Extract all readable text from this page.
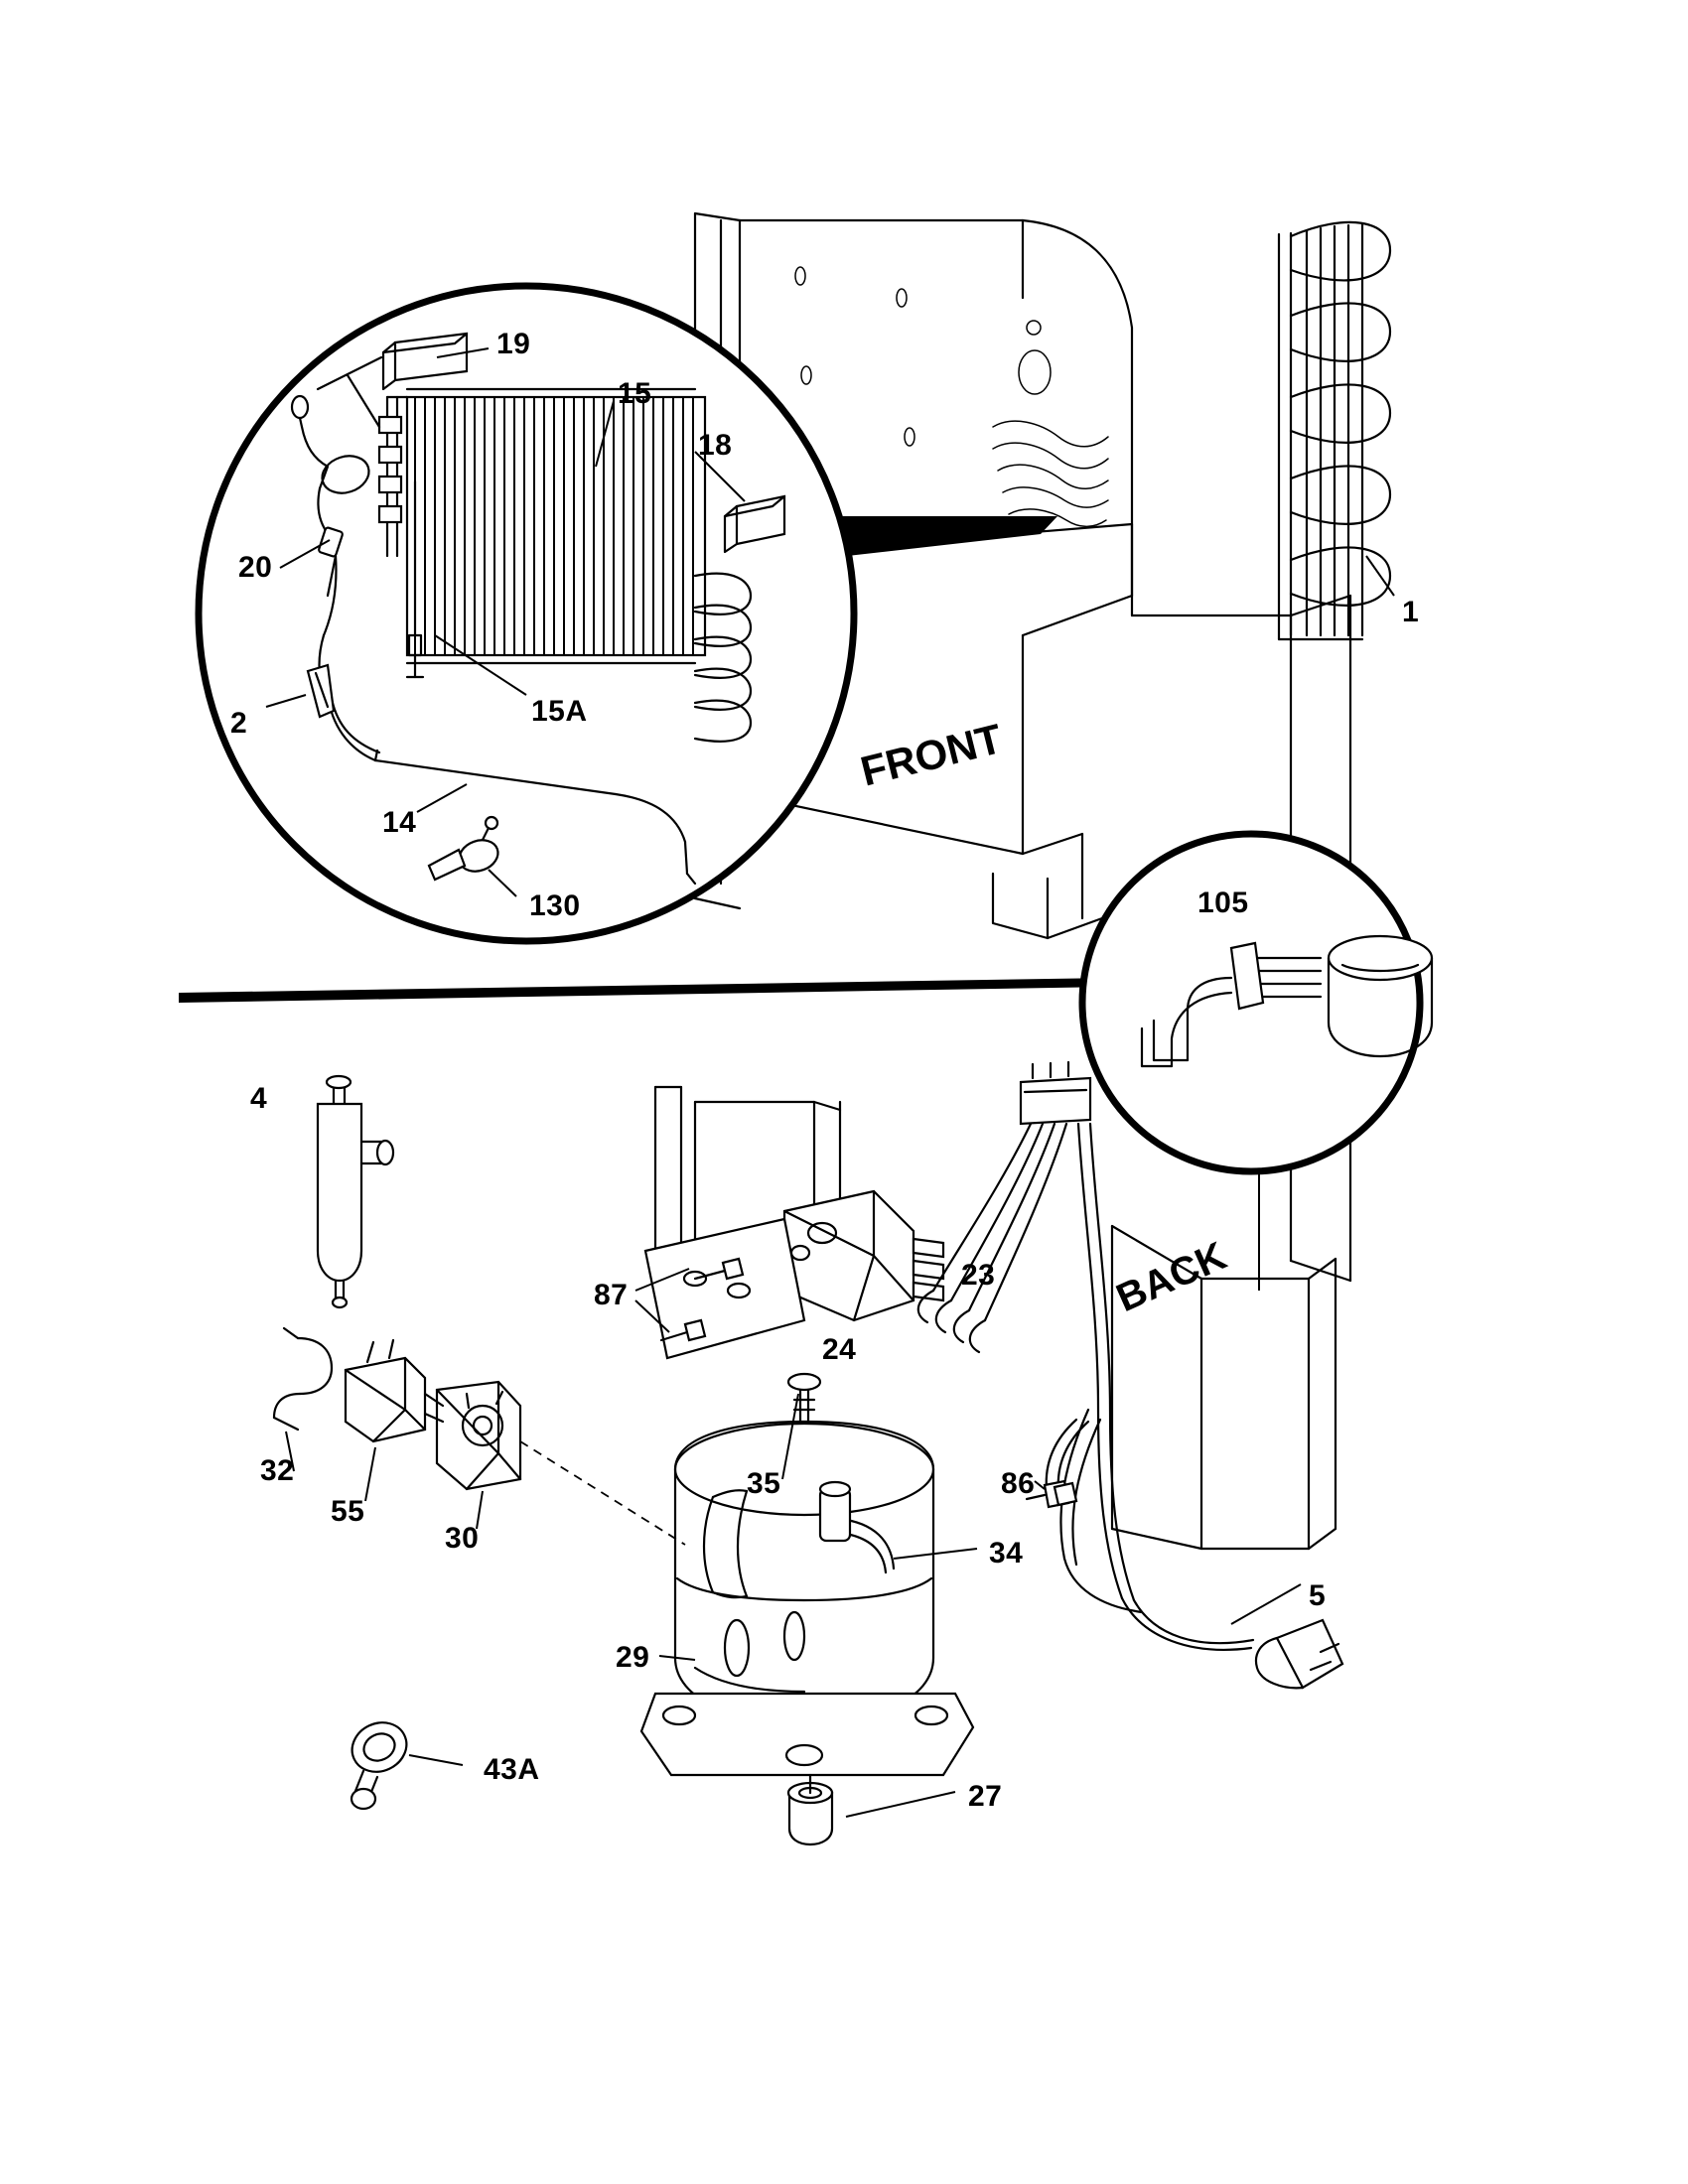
1
2
4
5
14
15
15A
18
19
20
23
24
27
29
30
32
34
35
43A
55
86
87
105
130
FRONT
BACK
